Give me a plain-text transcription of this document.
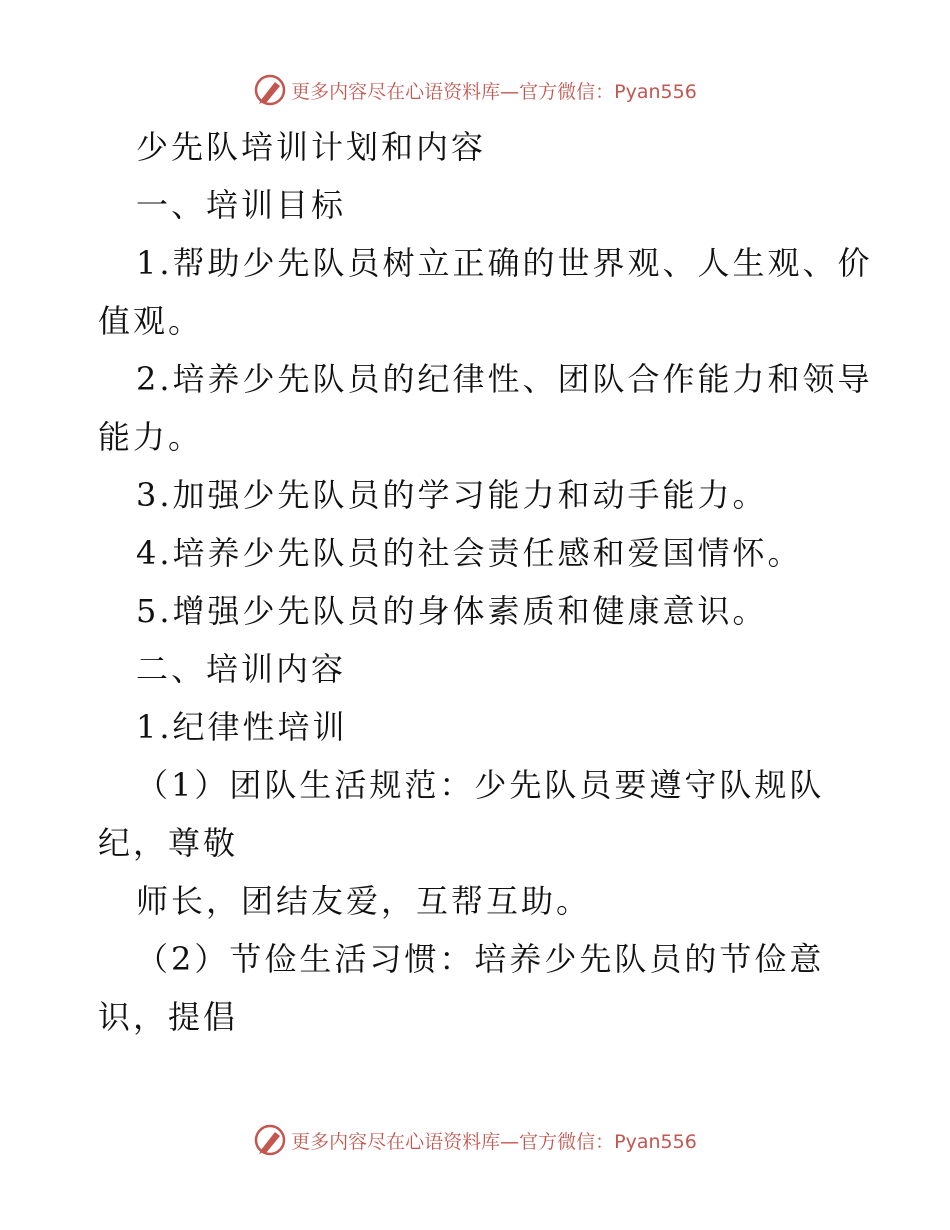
更多内容尽在心语资料库—官方微信：Pyan556
少先队培训计划和内容
一、培训目标
1.帮助少先队员树立正确的世界观、人生观、价
值观。
2.培养少先队员的纪律性、团队合作能力和领导
能力。
3.加强少先队员的学习能力和动手能力。
4.培养少先队员的社会责任感和爱国情怀。
5.增强少先队员的身体素质和健康意识。
二、培训内容
1.纪律性培训
（1）团队生活规范：少先队员要遵守队规队
纪，尊敬
师长，团结友爱，互帮互助。
（2）节俭生活习惯：培养少先队员的节俭意
识，提倡
更多内容尽在心语资料库—官方微信：Pyan556
